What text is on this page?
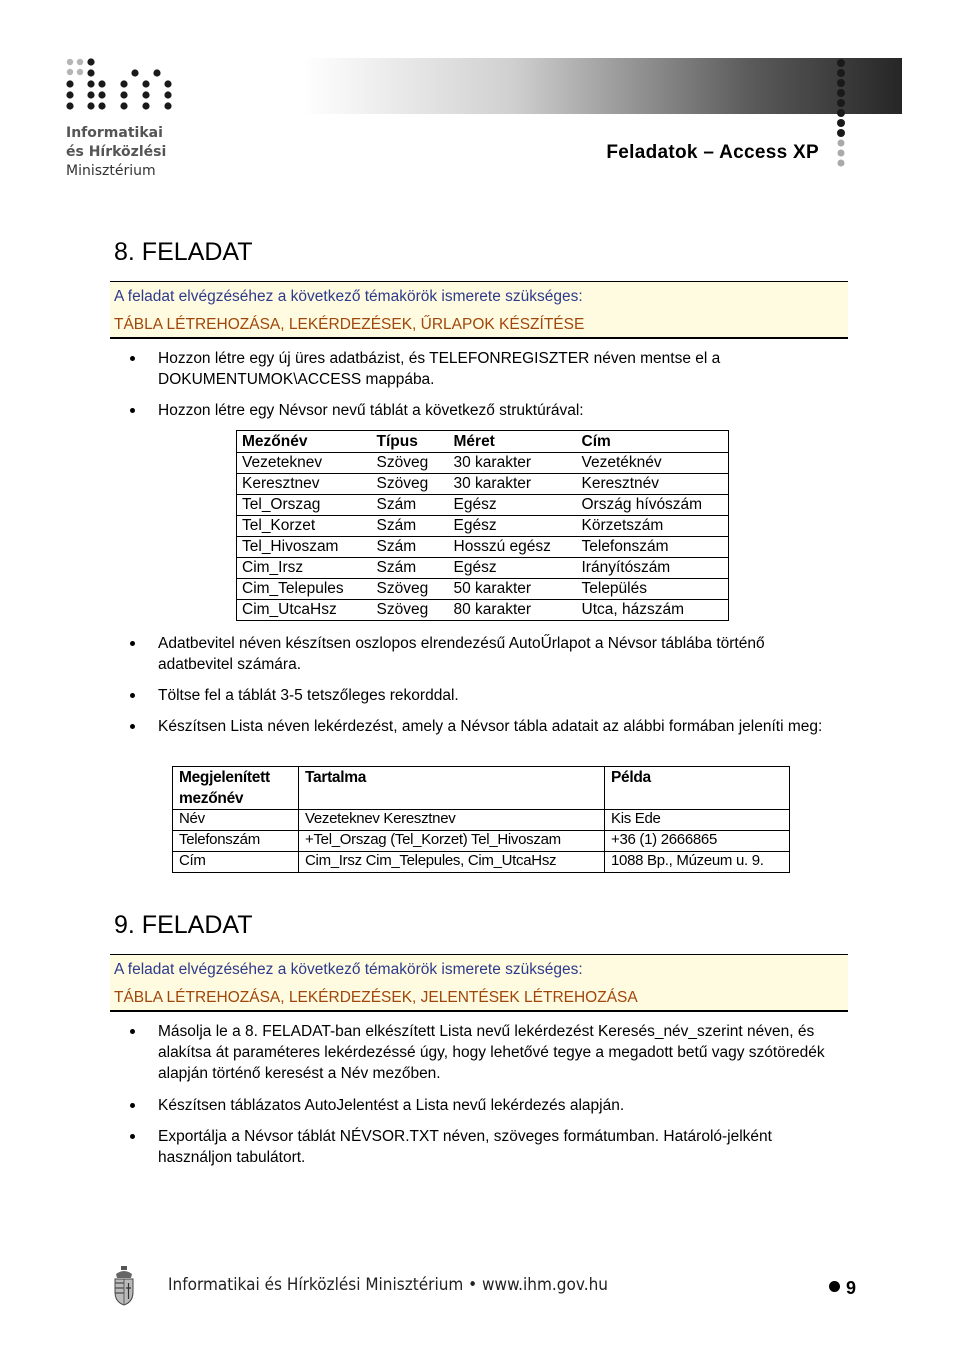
Informatikai
és Hírközlési
Minisztérium
Feladatok – Access XP
8. FELADAT
A feladat elvégzéséhez a következő témakörök ismerete szükséges:
TÁBLA LÉTREHOZÁSA, LEKÉRDEZÉSEK, ŰRLAPOK KÉSZÍTÉSE
Hozzon létre egy új üres adatbázist, és TELEFONREGISZTER néven mentse el a DOKUMENTUMOK\ACCESS mappába.
Hozzon létre egy Névsor nevű táblát a következő struktúrával:
Mezőnév	Típus	Méret	Cím
Vezeteknev	Szöveg	30 karakter	Vezetéknév
Keresztnev	Szöveg	30 karakter	Keresztnév
Tel_Orszag	Szám	Egész	Ország hívószám
Tel_Korzet	Szám	Egész	Körzetszám
Tel_Hivoszam	Szám	Hosszú egész	Telefonszám
Cim_Irsz	Szám	Egész	Irányítószám
Cim_Telepules	Szöveg	50 karakter	Település
Cim_UtcaHsz	Szöveg	80 karakter	Utca, házszám
Adatbevitel néven készítsen oszlopos elrendezésű AutoŰrlapot a Névsor táblába történő adatbevitel számára.
Töltse fel a táblát 3-5 tetszőleges rekorddal.
Készítsen Lista néven lekérdezést, amely a Névsor tábla adatait az alábbi formában jeleníti meg:
Megjelenített mezőnév	Tartalma	Példa
Név	Vezeteknev Keresztnev	Kis Ede
Telefonszám	+Tel_Orszag (Tel_Korzet) Tel_Hivoszam	+36 (1) 2666865
Cím	Cim_Irsz Cim_Telepules, Cim_UtcaHsz	1088 Bp., Múzeum u. 9.
9. FELADAT
A feladat elvégzéséhez a következő témakörök ismerete szükséges:
TÁBLA LÉTREHOZÁSA, LEKÉRDEZÉSEK, JELENTÉSEK LÉTREHOZÁSA
Másolja le a 8. FELADAT-ban elkészített Lista nevű lekérdezést Keresés_név_szerint néven, és alakítsa át paraméteres lekérdezéssé úgy, hogy lehetővé tegye a megadott betű vagy szótöredék alapján történő keresést a Név mezőben.
Készítsen táblázatos AutoJelentést a Lista nevű lekérdezés alapján.
Exportálja a Névsor táblát NÉVSOR.TXT néven, szöveges formátumban. Határoló-jelként használjon tabulátort.
Informatikai és Hírközlési Minisztérium • www.ihm.gov.hu	9
